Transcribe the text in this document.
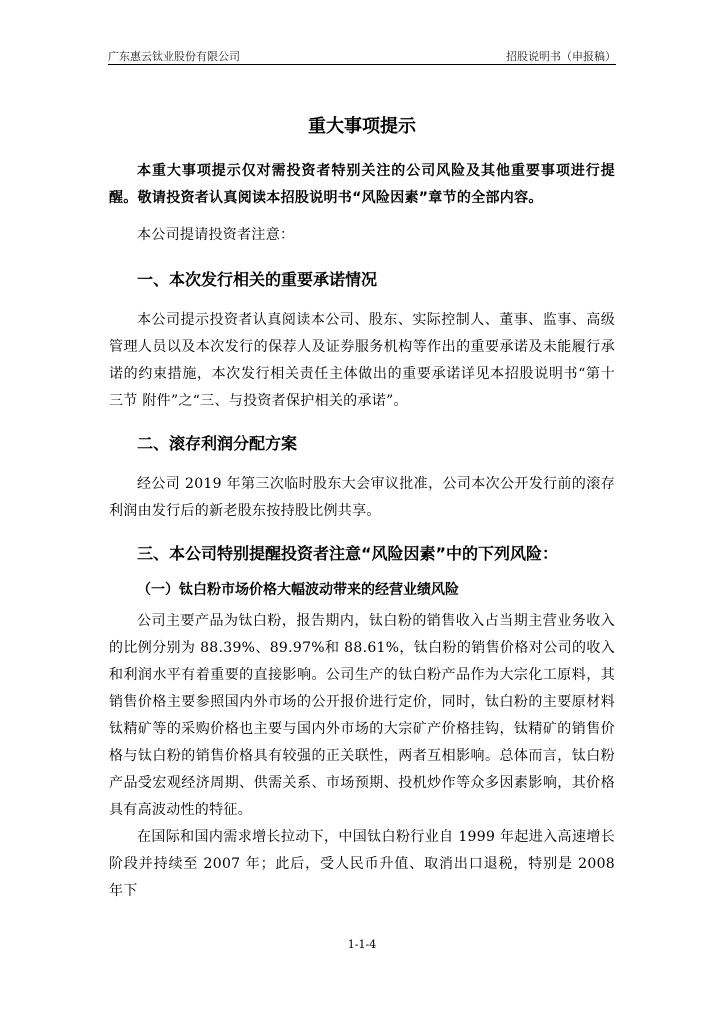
广东惠云钛业股份有限公司	招股说明书（申报稿）
重大事项提示

本重大事项提示仅对需投资者特别关注的公司风险及其他重要事项进行提醒。敬请投资者认真阅读本招股说明书“风险因素”章节的全部内容。

本公司提请投资者注意：

一、本次发行相关的重要承诺情况

本公司提示投资者认真阅读本公司、股东、实际控制人、董事、监事、高级管理人员以及本次发行的保荐人及证券服务机构等作出的重要承诺及未能履行承诺的约束措施，本次发行相关责任主体做出的重要承诺详见本招股说明书“第十三节 附件”之“三、与投资者保护相关的承诺”。

二、滚存利润分配方案

经公司 2019 年第三次临时股东大会审议批准，公司本次公开发行前的滚存利润由发行后的新老股东按持股比例共享。

三、本公司特别提醒投资者注意“风险因素”中的下列风险：
（一）钛白粉市场价格大幅波动带来的经营业绩风险

公司主要产品为钛白粉，报告期内，钛白粉的销售收入占当期主营业务收入的比例分别为 88.39%、89.97%和 88.61%，钛白粉的销售价格对公司的收入和利润水平有着重要的直接影响。公司生产的钛白粉产品作为大宗化工原料，其销售价格主要参照国内外市场的公开报价进行定价，同时，钛白粉的主要原材料钛精矿等的采购价格也主要与国内外市场的大宗矿产价格挂钩，钛精矿的销售价格与钛白粉的销售价格具有较强的正关联性，两者互相影响。总体而言，钛白粉产品受宏观经济周期、供需关系、市场预期、投机炒作等众多因素影响，其价格具有高波动性的特征。

在国际和国内需求增长拉动下，中国钛白粉行业自 1999 年起进入高速增长阶段并持续至 2007 年；此后，受人民币升值、取消出口退税，特别是 2008 年下

1-1-4
